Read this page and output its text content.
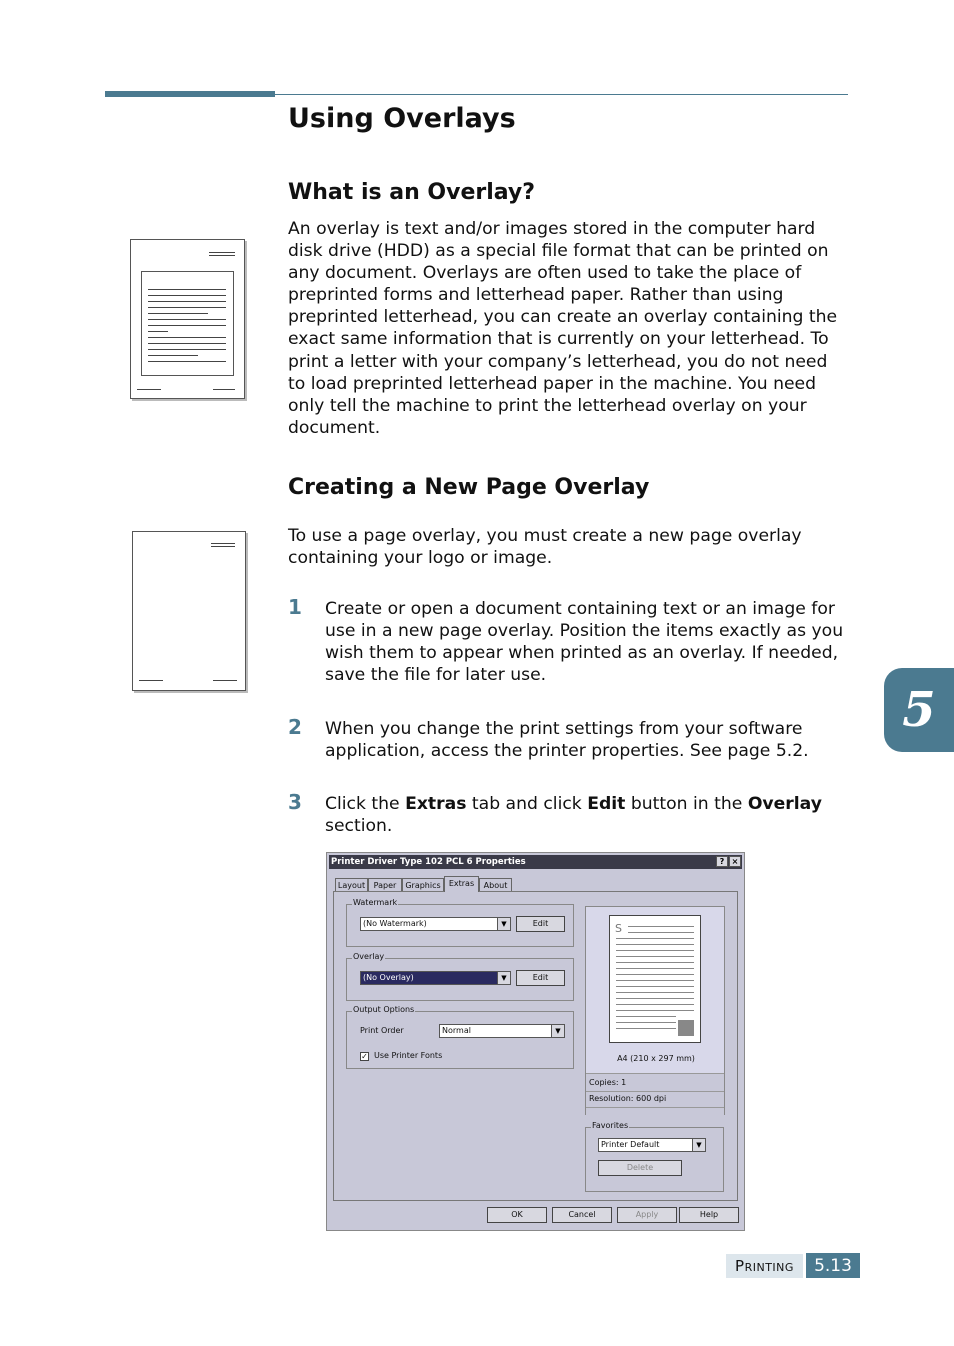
Using Overlays
What is an Overlay?
An overlay is text and/or images stored in the computer hard disk drive (HDD) as a special file format that can be printed on any document. Overlays are often used to take the place of preprinted forms and letterhead paper. Rather than using preprinted letterhead, you can create an overlay containing the exact same information that is currently on your letterhead. To print a letter with your company’s letterhead, you do not need to load preprinted letterhead paper in the machine. You need only tell the machine to print the letterhead overlay on your document.
Creating a New Page Overlay
To use a page overlay, you must create a new page overlay containing your logo or image.
1 Create or open a document containing text or an image for use in a new page overlay. Position the items exactly as you wish them to appear when printed as an overlay. If needed, save the file for later use.
2 When you change the print settings from your software application, access the printer properties. See page 5.2.
3 Click the Extras tab and click Edit button in the Overlay
section.
5
Printer Driver Type 102 PCL 6 Properties	? ×
Layout	Paper	Graphics	Extras	About
Watermark
(No Watermark)	▼	Edit
Overlay
(No Overlay)	▼	Edit
Output Options
Print Order	Normal	▼
✓ Use Printer Fonts
S
A4 (210 x 297 mm)
Copies: 1
Resolution: 600 dpi
Favorites
Printer Default	▼
Delete
OK	Cancel	Apply	Help
Printing	5.13
